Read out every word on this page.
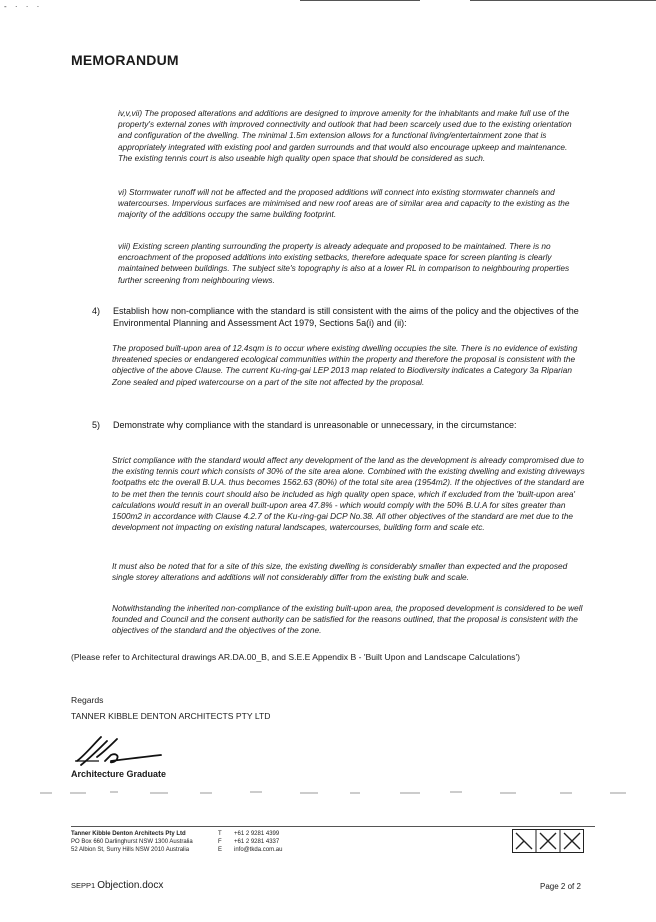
- · · ·
MEMORANDUM
iv,v,vii) The proposed alterations and additions are designed to improve amenity for the inhabitants and make full use of the property's external zones with improved connectivity and outlook that had been scarcely used due to the existing orientation and configuration of the dwelling. The minimal 1.5m extension allows for a functional living/entertainment zone that is appropriately integrated with existing pool and garden surrounds and that would also encourage upkeep and maintenance. The existing tennis court is also useable high quality open space that should be considered as such.
vi) Stormwater runoff will not be affected and the proposed additions will connect into existing stormwater channels and watercourses. Impervious surfaces are minimised and new roof areas are of similar area and capacity to the existing as the majority of the additions occupy the same building footprint.
viii) Existing screen planting surrounding the property is already adequate and proposed to be maintained. There is no encroachment of the proposed additions into existing setbacks, therefore adequate space for screen planting is clearly maintained between buildings. The subject site's topography is also at a lower RL in comparison to neighbouring properties further screening from neighbouring views.
4) Establish how non-compliance with the standard is still consistent with the aims of the policy and the objectives of the Environmental Planning and Assessment Act 1979, Sections 5a(i) and (ii):
The proposed built-upon area of 12.4sqm is to occur where existing dwelling occupies the site. There is no evidence of existing threatened species or endangered ecological communities within the property and therefore the proposal is consistent with the objective of the above Clause. The current Ku-ring-gai LEP 2013 map related to Biodiversity indicates a Category 3a Riparian Zone sealed and piped watercourse on a part of the site not affected by the proposal.
5) Demonstrate why compliance with the standard is unreasonable or unnecessary, in the circumstance:
Strict compliance with the standard would affect any development of the land as the development is already compromised due to the existing tennis court which consists of 30% of the site area alone. Combined with the existing dwelling and existing driveways footpaths etc the overall B.U.A. thus becomes 1562.63 (80%) of the total site area (1954m2). If the objectives of the standard are to be met then the tennis court should also be included as high quality open space, which if excluded from the 'built-upon area' calculations would result in an overall built-upon area 47.8% - which would comply with the 50% B.U.A for sites greater than 1500m2 in accordance with Clause 4.2.7 of the Ku-ring-gai DCP No.38. All other objectives of the standard are met due to the development not impacting on existing natural landscapes, watercourses, building form and scale etc.
It must also be noted that for a site of this size, the existing dwelling is considerably smaller than expected and the proposed single storey alterations and additions will not considerably differ from the existing bulk and scale.
Notwithstanding the inherited non-compliance of the existing built-upon area, the proposed development is considered to be well founded and Council and the consent authority can be satisfied for the reasons outlined, that the proposal is consistent with the objectives of the standard and the objectives of the zone.
(Please refer to Architectural drawings AR.DA.00_B, and S.E.E Appendix B - 'Built Upon and Landscape Calculations')
Regards
TANNER KIBBLE DENTON ARCHITECTS PTY LTD
Architecture Graduate
Tanner Kibble Denton Architects Pty Ltd
PO Box 660 Darlinghurst NSW 1300 Australia
52 Albion St, Surry Hills NSW 2010 Australia
T
F
E
+61 2 9281 4399
+61 2 9281 4337
info@tkda.com.au
SEPP1 Objection.docx	Page 2 of 2
